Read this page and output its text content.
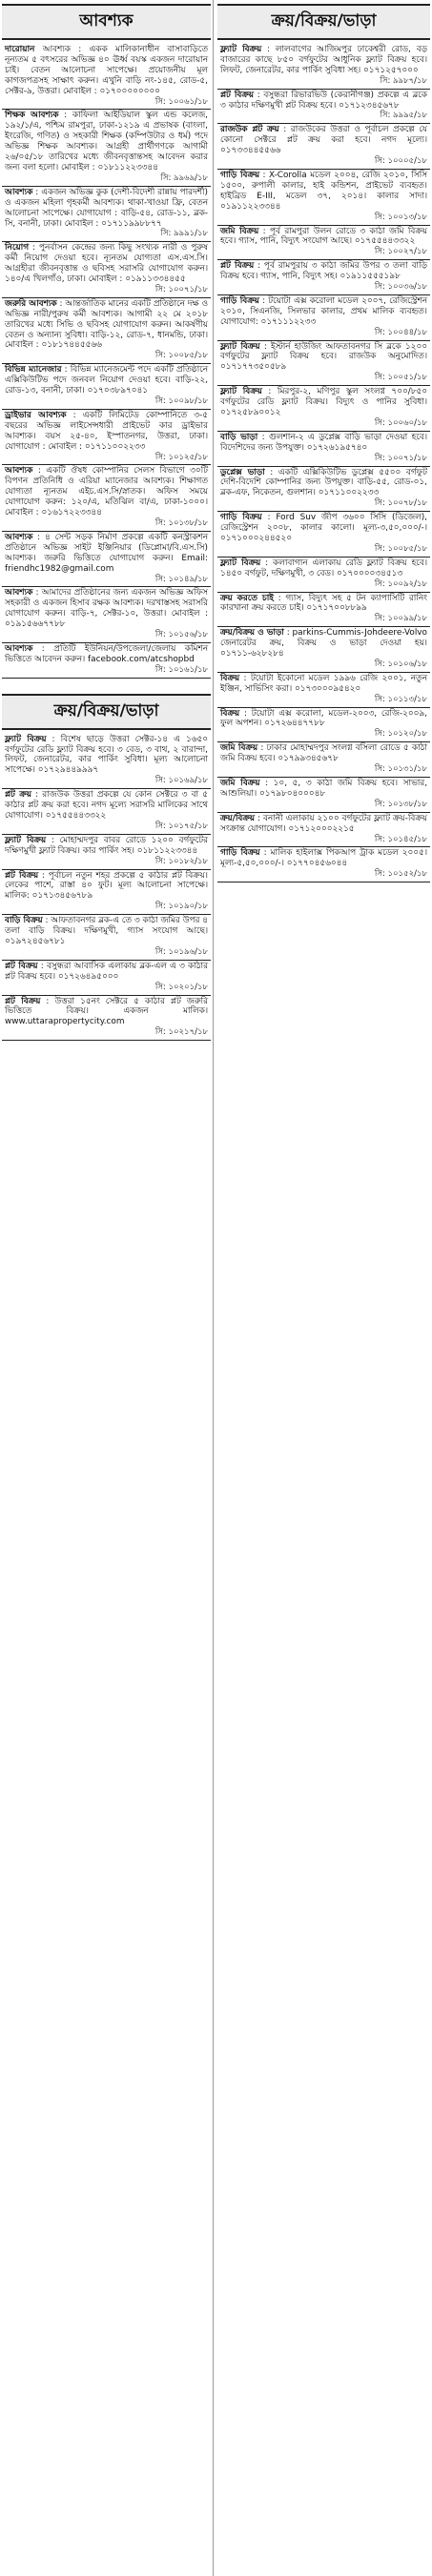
আবশ্যক
দারোয়ান আবশ্যক : একক মালিকানাধীন বাসাবাড়িতে নূন্যতম ৫ বৎসরের অভিজ্ঞ ৪০ ঊর্ধ্ব বয়স্ক একজন দারোয়ান চাই। বেতন আলোচনা সাপেক্ষে। প্রয়োজনীয় মূল কাগজপত্রসহ সাক্ষাৎ করুন। এখুনি বাড়ি নং-১৪৫, রোড-৫, সেক্টর-৯, উত্তরা। মোবাইল : ০১৭০০০০০০০০
সি: ১০০৬১/১৮
শিক্ষক আবশ্যক : কাফিলা আইডিয়াল স্কুল এন্ড কলেজ, ১৯২/১/এ, পশ্চিম রামপুরা, ঢাকা-১২১৯ এ প্রভাষক (বাংলা, ইংরেজি, গণিত) ও সহকারী শিক্ষক (কম্পিউটার ও ধর্ম) পদে অভিজ্ঞ শিক্ষক আবশ্যক। আগ্রহী প্রার্থীগণকে আগামী ২৬/০৫/১৮ তারিখের মধ্যে জীবনবৃত্তান্তসহ আবেদন করার জন্য বলা হলো। মোবাইল : ০১৮১১২২৩৩৪৪
সি: ৯৯৬৯/১৮
আবশ্যক : একজন অভিজ্ঞ কুক (দেশী-বিদেশী রান্নায় পারদর্শী) ও একজন মহিলা গৃহকর্মী আবশ্যক। থাকা-খাওয়া ফ্রি, বেতন আলোচনা সাপেক্ষে। যোগাযোগ : বাড়ি-৫৪, রোড-১১, ব্লক-সি, বনানী, ঢাকা। মোবাইল : ০১৭১১৯৯৮৮৭৭
সি: ৯৯৯১/১৮
নিয়োগ : পুনর্বাসন কেন্দ্রের জন্য কিছু সংখ্যক নারী ও পুরুষ কর্মী নিয়োগ দেওয়া হবে। ন্যূনতম যোগ্যতা এস.এস.সি। আগ্রহীরা জীবনবৃত্তান্ত ও ছবিসহ সরাসরি যোগাযোগ করুন। ১৪০/এ খিলগাঁও, ঢাকা। মোবাইল : ০১৯১১৩৩৪৪৫৫
সি: ১০০৭১/১৮
জরুরি আবশ্যক : আন্তর্জাতিক মানের একটি প্রতিষ্ঠানে দক্ষ ও অভিজ্ঞ নারী/পুরুষ কর্মী আবশ্যক। আগামী ২২ মে ২০১৮ তারিখের মধ্যে সিভি ও ছবিসহ যোগাযোগ করুন। আকর্ষণীয় বেতন ও অন্যান্য সুবিধা। বাড়ি-১২, রোড-৭, ধানমন্ডি, ঢাকা। মোবাইল : ০১৮১৭৪৪৫৫৬৬
সি: ১০০৮৫/১৮
বিভিন্ন ম্যানেজার : বিভিন্ন ম্যানেজমেন্ট পদে একটি প্রতিষ্ঠানে এক্সিকিউটিভ পদে জনবল নিয়োগ দেওয়া হবে। বাড়ি-২২, রোড-১৩, বনানী, ঢাকা। ০১৭০৩৮৯৭০৪১
সি: ১০০৯৮/১৮
ড্রাইভার আবশ্যক : একটি লিমিটেড কোম্পানিতে ৩-৫ বছরের অভিজ্ঞ লাইসেন্সধারী প্রাইভেট কার ড্রাইভার আবশ্যক। বয়স ২৫-৪০, ইস্পাতনগর, উত্তরা, ঢাকা। যোগাযোগ : মোবাইল : ০১৭১১০০২২৩৩
সি: ১০১২৫/১৮
আবশ্যক : একটি ঔষধ কোম্পানির সেলস বিভাগে ৩০টি বিপণন প্রতিনিধি ও এরিয়া ম্যানেজার আবশ্যক। শিক্ষাগত যোগ্যতা ন্যূনতম এইচ.এস.সি/স্নাতক। অফিস সময়ে যোগাযোগ করুন: ১২০/এ, মতিঝিল বা/এ, ঢাকা-১০০০। মোবাইল : ০১৬১৭২২৩৩৪৪
সি: ১০১৩৮/১৮
আবশ্যক : ৪ সেন্ট সড়ক নির্মাণ প্রকল্পে একটি কনস্ট্রাকশন প্রতিষ্ঠানে অভিজ্ঞ সাইট ইঞ্জিনিয়ার (ডিপ্লোমা/বি.এস.সি) আবশ্যক। জরুরি ভিত্তিতে যোগাযোগ করুন। Email: friendhc1982@gmail.com
সি: ১০১৪৯/১৮
আবশ্যক : আমাদের প্রতিষ্ঠানের জন্য একজন অভিজ্ঞ অফিস সহকারী ও একজন হিসাব রক্ষক আবশ্যক। দরখাস্তসহ সরাসরি যোগাযোগ করুন। বাড়ি-৭, সেক্টর-১০, উত্তরা। মোবাইল : ০১৯১৫৬৬৭৭৮৮
সি: ১০১৫৬/১৮
আবশ্যক : প্রতিটি ইউনিয়ন/উপজেলা/জেলায় কমিশন ভিত্তিতে আবেদন করুন। facebook.com/atcshopbd
সি: ১০১৬১/১৮
ক্রয়/বিক্রয়/ভাড়া
ফ্ল্যাট বিক্রয় : বিশেষ ছাড়ে উত্তরা সেক্টর-১৪ এ ১৬৫০ বর্গফুটের রেডি ফ্ল্যাট বিক্রয় হবে। ৩ বেড, ৩ বাথ, ২ বারান্দা, লিফট, জেনারেটর, কার পার্কিং সুবিধা। মূল্য আলোচনা সাপেক্ষে। ০১৭২৯৪৪৯৯৯৭
সি: ১০১৬৯/১৮
প্লট ক্রয় : রাজউক উত্তরা প্রকল্পে যে কোন সেক্টরে ৩ বা ৫ কাঠার প্লট ক্রয় করা হবে। নগদ মূল্যে সরাসরি মালিকের সাথে যোগাযোগ। ০১৭৫৫৪৪৩৩২২
সি: ১০১৭৫/১৮
ফ্ল্যাট বিক্রয় : মোহাম্মদপুর বাবর রোডে ১২০০ বর্গফুটের দক্ষিণমুখী ফ্ল্যাট বিক্রয়। কার পার্কিং সহ। ০১৮১১২২৩৩৪৪
সি: ১০১৮২/১৮
প্লট বিক্রয় : পূর্বাচল নতুন শহর প্রকল্পে ৫ কাঠার প্লট বিক্রয়। লেকের পাশে, রাস্তা ৪০ ফুট। মূল্য আলোচনা সাপেক্ষে। মালিক: ০১৭১৩৪৫৬৭৮৯
সি: ১০১৯০/১৮
বাড়ি বিক্রয় : আফতাবনগর ব্লক-এ তে ৩ কাঠা জমির উপর ৪ তলা বাড়ি বিক্রয়। দক্ষিণমুখী, গ্যাস সংযোগ আছে। ০১৯৭২৪৫৬৭৮১
সি: ১০১৯৬/১৮
প্লট বিক্রয় : বসুন্ধরা আবাসিক এলাকায় ব্লক-এল এ ৩ কাঠার প্লট বিক্রয় হবে। ০১৭২৬৪৯৫০০০
সি: ১০২০১/১৮
প্লট বিক্রয় : উত্তরা ১৫নং সেক্টরে ৫ কাঠার প্লট জরুরি ভিত্তিতে বিক্রয়। একজন মালিক। www.uttarapropertycity.com
সি: ১০২১৭/১৮
ক্রয়/বিক্রয়/ভাড়া
ফ্ল্যাট বিক্রয় : লালবাগের আজিমপুর ঢাকেশ্বরী রোড, বড় বাজারের কাছে ৮৫০ বর্গফুটের আধুনিক ফ্ল্যাট বিক্রয় হবে। লিফট, জেনারেটর, কার পার্কিং সুবিধা সহ। ০১৭১২৫৭০০০
সি: ৯৯৮৭/১৮
প্লট বিক্রয় : বসুন্ধরা রিভারভিউ (কেরানীগঞ্জ) প্রকল্পে এ ব্লকে ৩ কাঠার দক্ষিণমুখী প্লট বিক্রয় হবে। ০১৭১২৩৪৫৬৭৮
সি: ৯৯৯৫/১৮
রাজউক প্লট ক্রয় : রাজউকের উত্তরা ও পূর্বাচল প্রকল্পে যে কোনো সেক্টরে প্লট ক্রয় করা হবে। নগদ মূল্যে। ০১৭৩৩৪৪৫৫৬৬
সি: ১০০০৫/১৮
গাড়ি বিক্রয় : X-Corolla মডেল ২০০৪, রেজি ২০১০, সিসি ১৫০০, রুপালী কালার, হাই কন্ডিশন, প্রাইভেট ব্যবহৃত। হাইব্রিড E-III, মডেল ৩৭, ২০১৪। কালার সাদা। ০১৯১১২২৩৩৪৪
সি: ১০০১৩/১৮
জমি বিক্রয় : পূর্ব রামপুরা উলন রোডে ৩ কাঠা জমি বিক্রয় হবে। গ্যাস, পানি, বিদ্যুৎ সংযোগ আছে। ০১৭৫৫৪৪৩৩২২
সি: ১০০২৭/১৮
প্লট বিক্রয় : পূর্ব রামপুরায় ৩ কাঠা জমির উপর ৩ তলা বাড়ি বিক্রয় হবে। গ্যাস, পানি, বিদ্যুৎ সহ। ০১৯১১৫৫৫১৯৮
সি: ১০০৩৬/১৮
গাড়ি বিক্রয় : টয়োটা এক্স করোলা মডেল ২০০৭, রেজিস্ট্রেশন ২০১০, সিএনজি, সিলভার কালার, প্রথম মালিক ব্যবহৃত। যোগাযোগ: ০১৭১১১২২৩৩
সি: ১০০৪৪/১৮
ফ্ল্যাট বিক্রয় : ইস্টার্ন হাউজিং আফতাবনগর সি ব্লকে ১২০০ বর্গফুটের ফ্ল্যাট বিক্রয় হবে। রাজউক অনুমোদিত। ০১৭১৭৭৩৫০৫৮৯
সি: ১০০৫১/১৮
ফ্ল্যাট বিক্রয় : মিরপুর-২, মণিপুর স্কুল সংলগ্ন ৭০০/৮৫০ বর্গফুটের রেডি ফ্ল্যাট বিক্রয়। বিদ্যুৎ ও পানির সুবিধা। ০১৭২৫৮৯০০১২
সি: ১০০৬০/১৮
বাড়ি ভাড়া : গুলশান-২ এ ডুপ্লেক্স বাড়ি ভাড়া দেওয়া হবে। বিদেশিদের জন্য উপযুক্ত। ০১৭২৬১৯৫৭৪০
সি: ১০০৭১/১৮
ডুপ্লেক্স ভাড়া : একটি এক্সিকিউটিভ ডুপ্লেক্স ৫৫০০ বর্গফুট দেশি-বিদেশি কোম্পানির জন্য উপযুক্ত। বাড়ি-৫৫, রোড-০১, ব্লক-এফ, নিকেতন, গুলশান। ০১৭১১০০২২৩৩
সি: ১০০৭৮/১৮
গাড়ি বিক্রয় : Ford Suv জীপ ৩৬০০ সিসি (ডিজেল), রেজিস্ট্রেশন ২০০৮, কালার কালো। মূল্য-৩,৫০,০০০/-। ০১৭১০০০২৪৪৫২০
সি: ১০০৮৫/১৮
ফ্ল্যাট বিক্রয় : কলাবাগান এলাকায় রেডি ফ্ল্যাট বিক্রয় হবে। ১৪৫০ বর্গফুট, দক্ষিণমুখী, ৩ বেড। ০১৭০০০০৩৪৫১৩
সি: ১০০৯২/১৮
ক্রয় করতে চাই : গ্যাস, বিদ্যুৎ সহ ৫ টন ক্যাপাসিটি রানিং কারখানা ক্রয় করতে চাই। ০১৭১৭০০৮৮৯৯
সি: ১০০৯৯/১৮
ক্রয়/বিক্রয় ও ভাড়া : parkins-Cummis-Johdeere-Volvo জেনারেটর ক্রয়, বিক্রয় ও ভাড়া দেওয়া হয়। ০১৭১১-৬২৮২৮৪
সি: ১০১০৬/১৮
বিক্রয় : টয়োটা ইকোনো মডেল ১৯৯৬ রেজি ২০০১, নতুন ইঞ্জিন, সার্ভিসিং করা। ০১৭৩০০০৯৫৪২০
সি: ১০১১৩/১৮
বিক্রয় : টয়োটা এক্স করোলা, মডেল-২০০৩, রেজি-২০০৯, ফুল অপশন। ০১৭২৬৪৪৭৭৮৮
সি: ১০১২০/১৮
জমি বিক্রয় : ঢাকার মোহাম্মদপুর সংলগ্ন বসিলা রোডে ৫ কাঠা জমি বিক্রয় হবে। ০১৭৯৯৩৪৫৬৭৮
সি: ১০১৩১/১৮
জমি বিক্রয় : ১০, ৫, ৩ কাঠা জমি বিক্রয় হবে। সাভার, আশুলিয়া। ০১৭৯৮০৪০০০৪৮
সি: ১০১৩৮/১৮
ক্রয়/বিক্রয় : বনানী এলাকায় ২১০০ বর্গফুটের ফ্ল্যাট ক্রয়-বিক্রয় সংক্রান্ত যোগাযোগ। ০১৭১২০০০২২১৫
সি: ১০১৪৫/১৮
গাড়ি বিক্রয় : মালিক হাইলাক্স পিকআপ ট্রাক মডেল ২০০৫। মূল্য-৫,৫০,০০০/-। ০১৭৭০৪৫৬০৪৪
সি: ১০১৫২/১৮
